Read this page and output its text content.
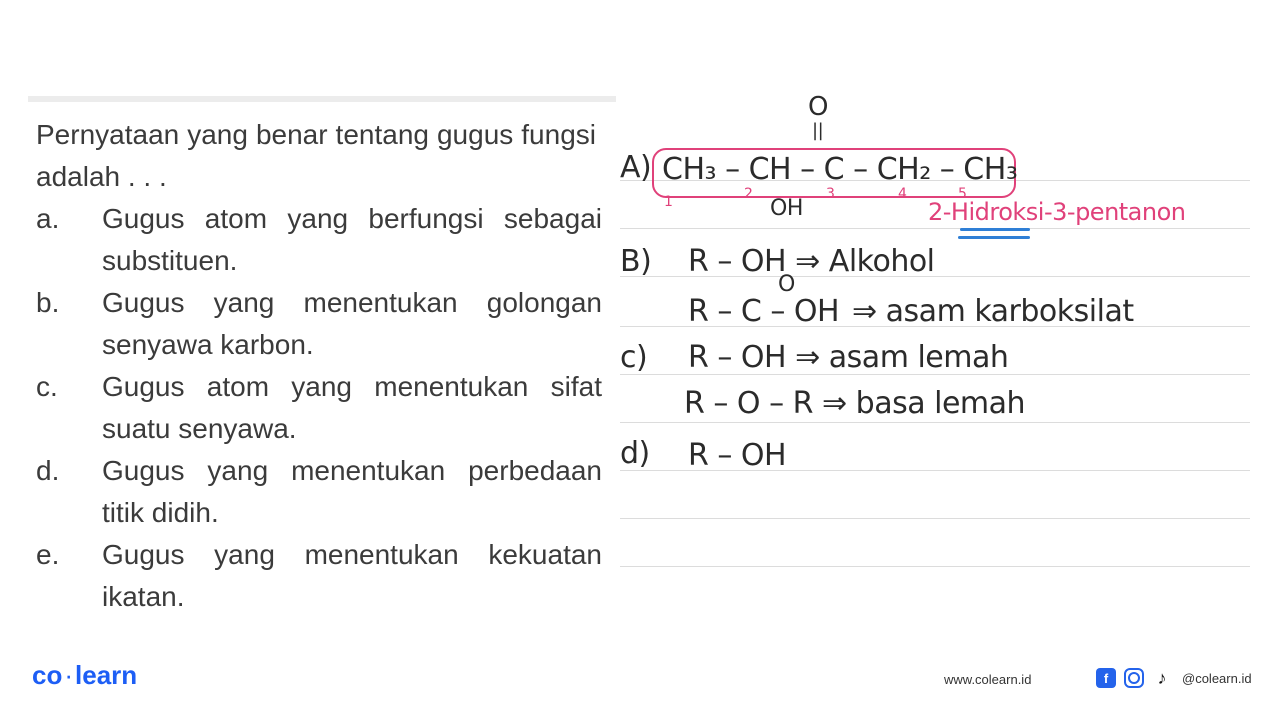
Pernyataan yang benar tentang gugus fungsi adalah . . .
a.	Gugus atom yang berfungsi sebagai substituen.
b.	Gugus yang menentukan golongan senyawa karbon.
c.	Gugus atom yang menentukan sifat suatu senyawa.
d.	Gugus yang menentukan perbedaan titik didih.
e.	Gugus yang menentukan kekuatan ikatan.
O
||
A) CH₃ – CH – C – CH₂ – CH₃
1	2	3	4	5
OH	2-Hidroksi-3-pentanon
B) R – OH ⇒ Alkohol
O
R – C – OH ⇒ asam karboksilat
c) R – OH ⇒ asam lemah
R – O – R ⇒ basa lemah
d) R – OH
co·learn	www.colearn.id	f	♪	@colearn.id
